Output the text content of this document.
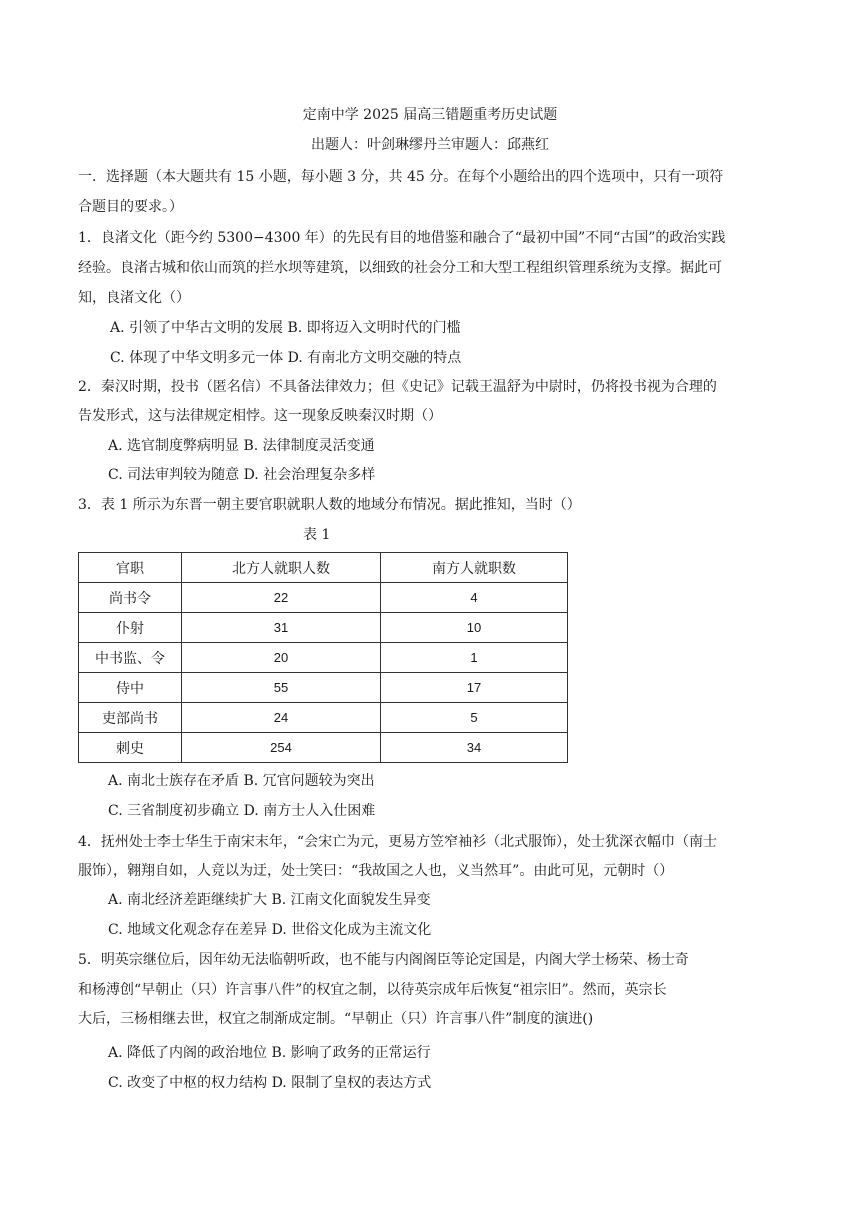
定南中学 2025 届高三错题重考历史试题
出题人：叶剑琳缪丹兰审题人：邱燕红
一．选择题（本大题共有 15 小题，每小题 3 分，共 45 分。在每个小题给出的四个选项中，只有一项符
合题目的要求。）
1．良渚文化（距今约 5300−4300 年）的先民有目的地借鉴和融合了“最初中国”不同“古国”的政治实践
经验。良渚古城和依山而筑的拦水坝等建筑，以细致的社会分工和大型工程组织管理系统为支撑。据此可
知，良渚文化（）
A. 引领了中华古文明的发展 B. 即将迈入文明时代的门槛
C. 体现了中华文明多元一体 D. 有南北方文明交融的特点
2．秦汉时期，投书（匿名信）不具备法律效力；但《史记》记载王温舒为中尉时，仍将投书视为合理的
告发形式，这与法律规定相悖。这一现象反映秦汉时期（）
A. 选官制度弊病明显 B. 法律制度灵活变通
C. 司法审判较为随意 D. 社会治理复杂多样
3．表 1 所示为东晋一朝主要官职就职人数的地域分布情况。据此推知，当时（）
表 1
官职	北方人就职人数	南方人就职数
尚书令	22	4
仆射	31	10
中书监、令	20	1
侍中	55	17
吏部尚书	24	5
刺史	254	34
A. 南北士族存在矛盾 B. 冗官问题较为突出
C. 三省制度初步确立 D. 南方士人入仕困难
4．抚州处士李士华生于南宋末年，“会宋亡为元，更易方笠窄袖衫（北式服饰），处士犹深衣幅巾（南士
服饰），翱翔自如，人竞以为迂，处士笑曰：“我故国之人也，义当然耳”。由此可见，元朝时（）
A. 南北经济差距继续扩大 B. 江南文化面貌发生异变
C. 地域文化观念存在差异 D. 世俗文化成为主流文化
5．明英宗继位后，因年幼无法临朝听政，也不能与内阁阁臣等论定国是，内阁大学士杨荣、杨士奇
和杨溥创“早朝止（只）许言事八件”的权宜之制，以待英宗成年后恢复“祖宗旧”。然而，英宗长
大后，三杨相继去世，权宜之制渐成定制。“早朝止（只）许言事八件”制度的演进()
A. 降低了内阁的政治地位 B. 影响了政务的正常运行
C. 改变了中枢的权力结构 D. 限制了皇权的表达方式
